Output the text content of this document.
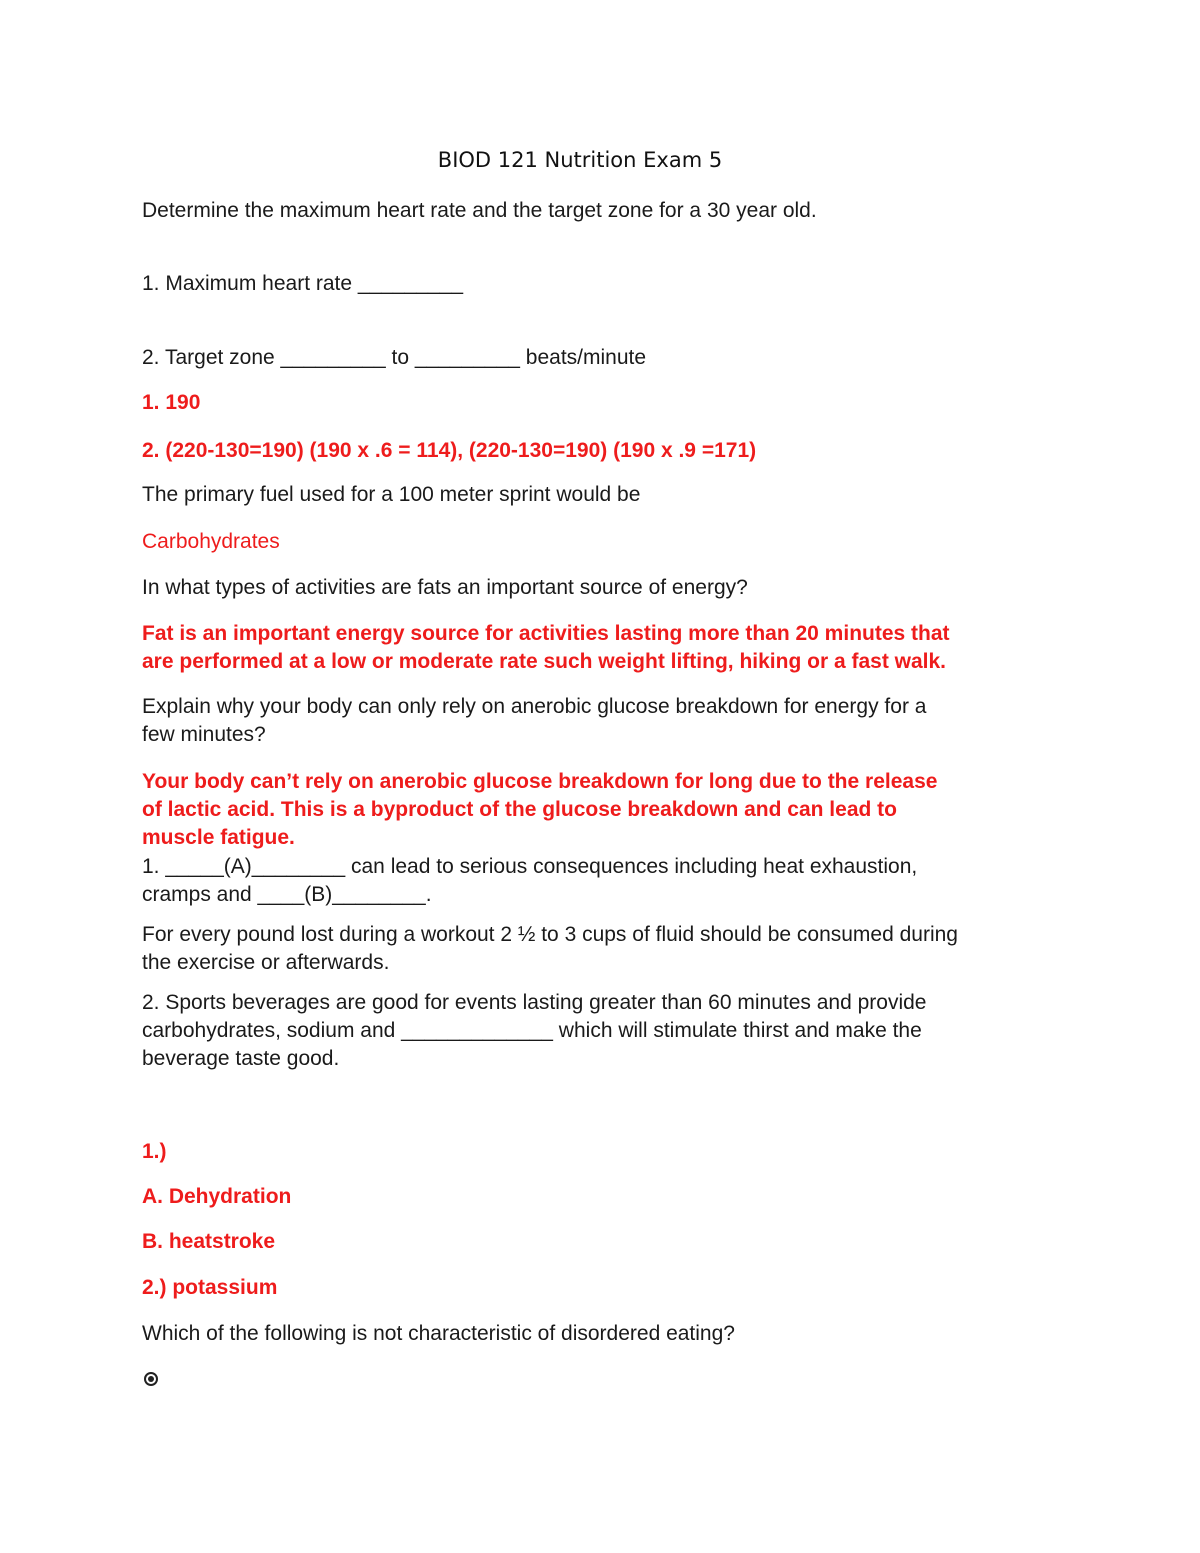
BIOD 121 Nutrition Exam 5
Determine the maximum heart rate and the target zone for a 30 year old.
1. Maximum heart rate _________
2. Target zone _________ to _________ beats/minute
1. 190
2. (220-130=190) (190 x .6 = 114), (220-130=190) (190 x .9 =171)
The primary fuel used for a 100 meter sprint would be
Carbohydrates
In what types of activities are fats an important source of energy?
Fat is an important energy source for activities lasting more than 20 minutes that
are performed at a low or moderate rate such weight lifting, hiking or a fast walk.
Explain why your body can only rely on anerobic glucose breakdown for energy for a
few minutes?
Your body can’t rely on anerobic glucose breakdown for long due to the release
of lactic acid. This is a byproduct of the glucose breakdown and can lead to
muscle fatigue.
1. _____(A)________ can lead to serious consequences including heat exhaustion,
cramps and ____(B)________.
For every pound lost during a workout 2 ½ to 3 cups of fluid should be consumed during
the exercise or afterwards.
2. Sports beverages are good for events lasting greater than 60 minutes and provide
carbohydrates, sodium and _____________ which will stimulate thirst and make the
beverage taste good.
1.)
A. Dehydration
B. heatstroke
2.) potassium
Which of the following is not characteristic of disordered eating?
